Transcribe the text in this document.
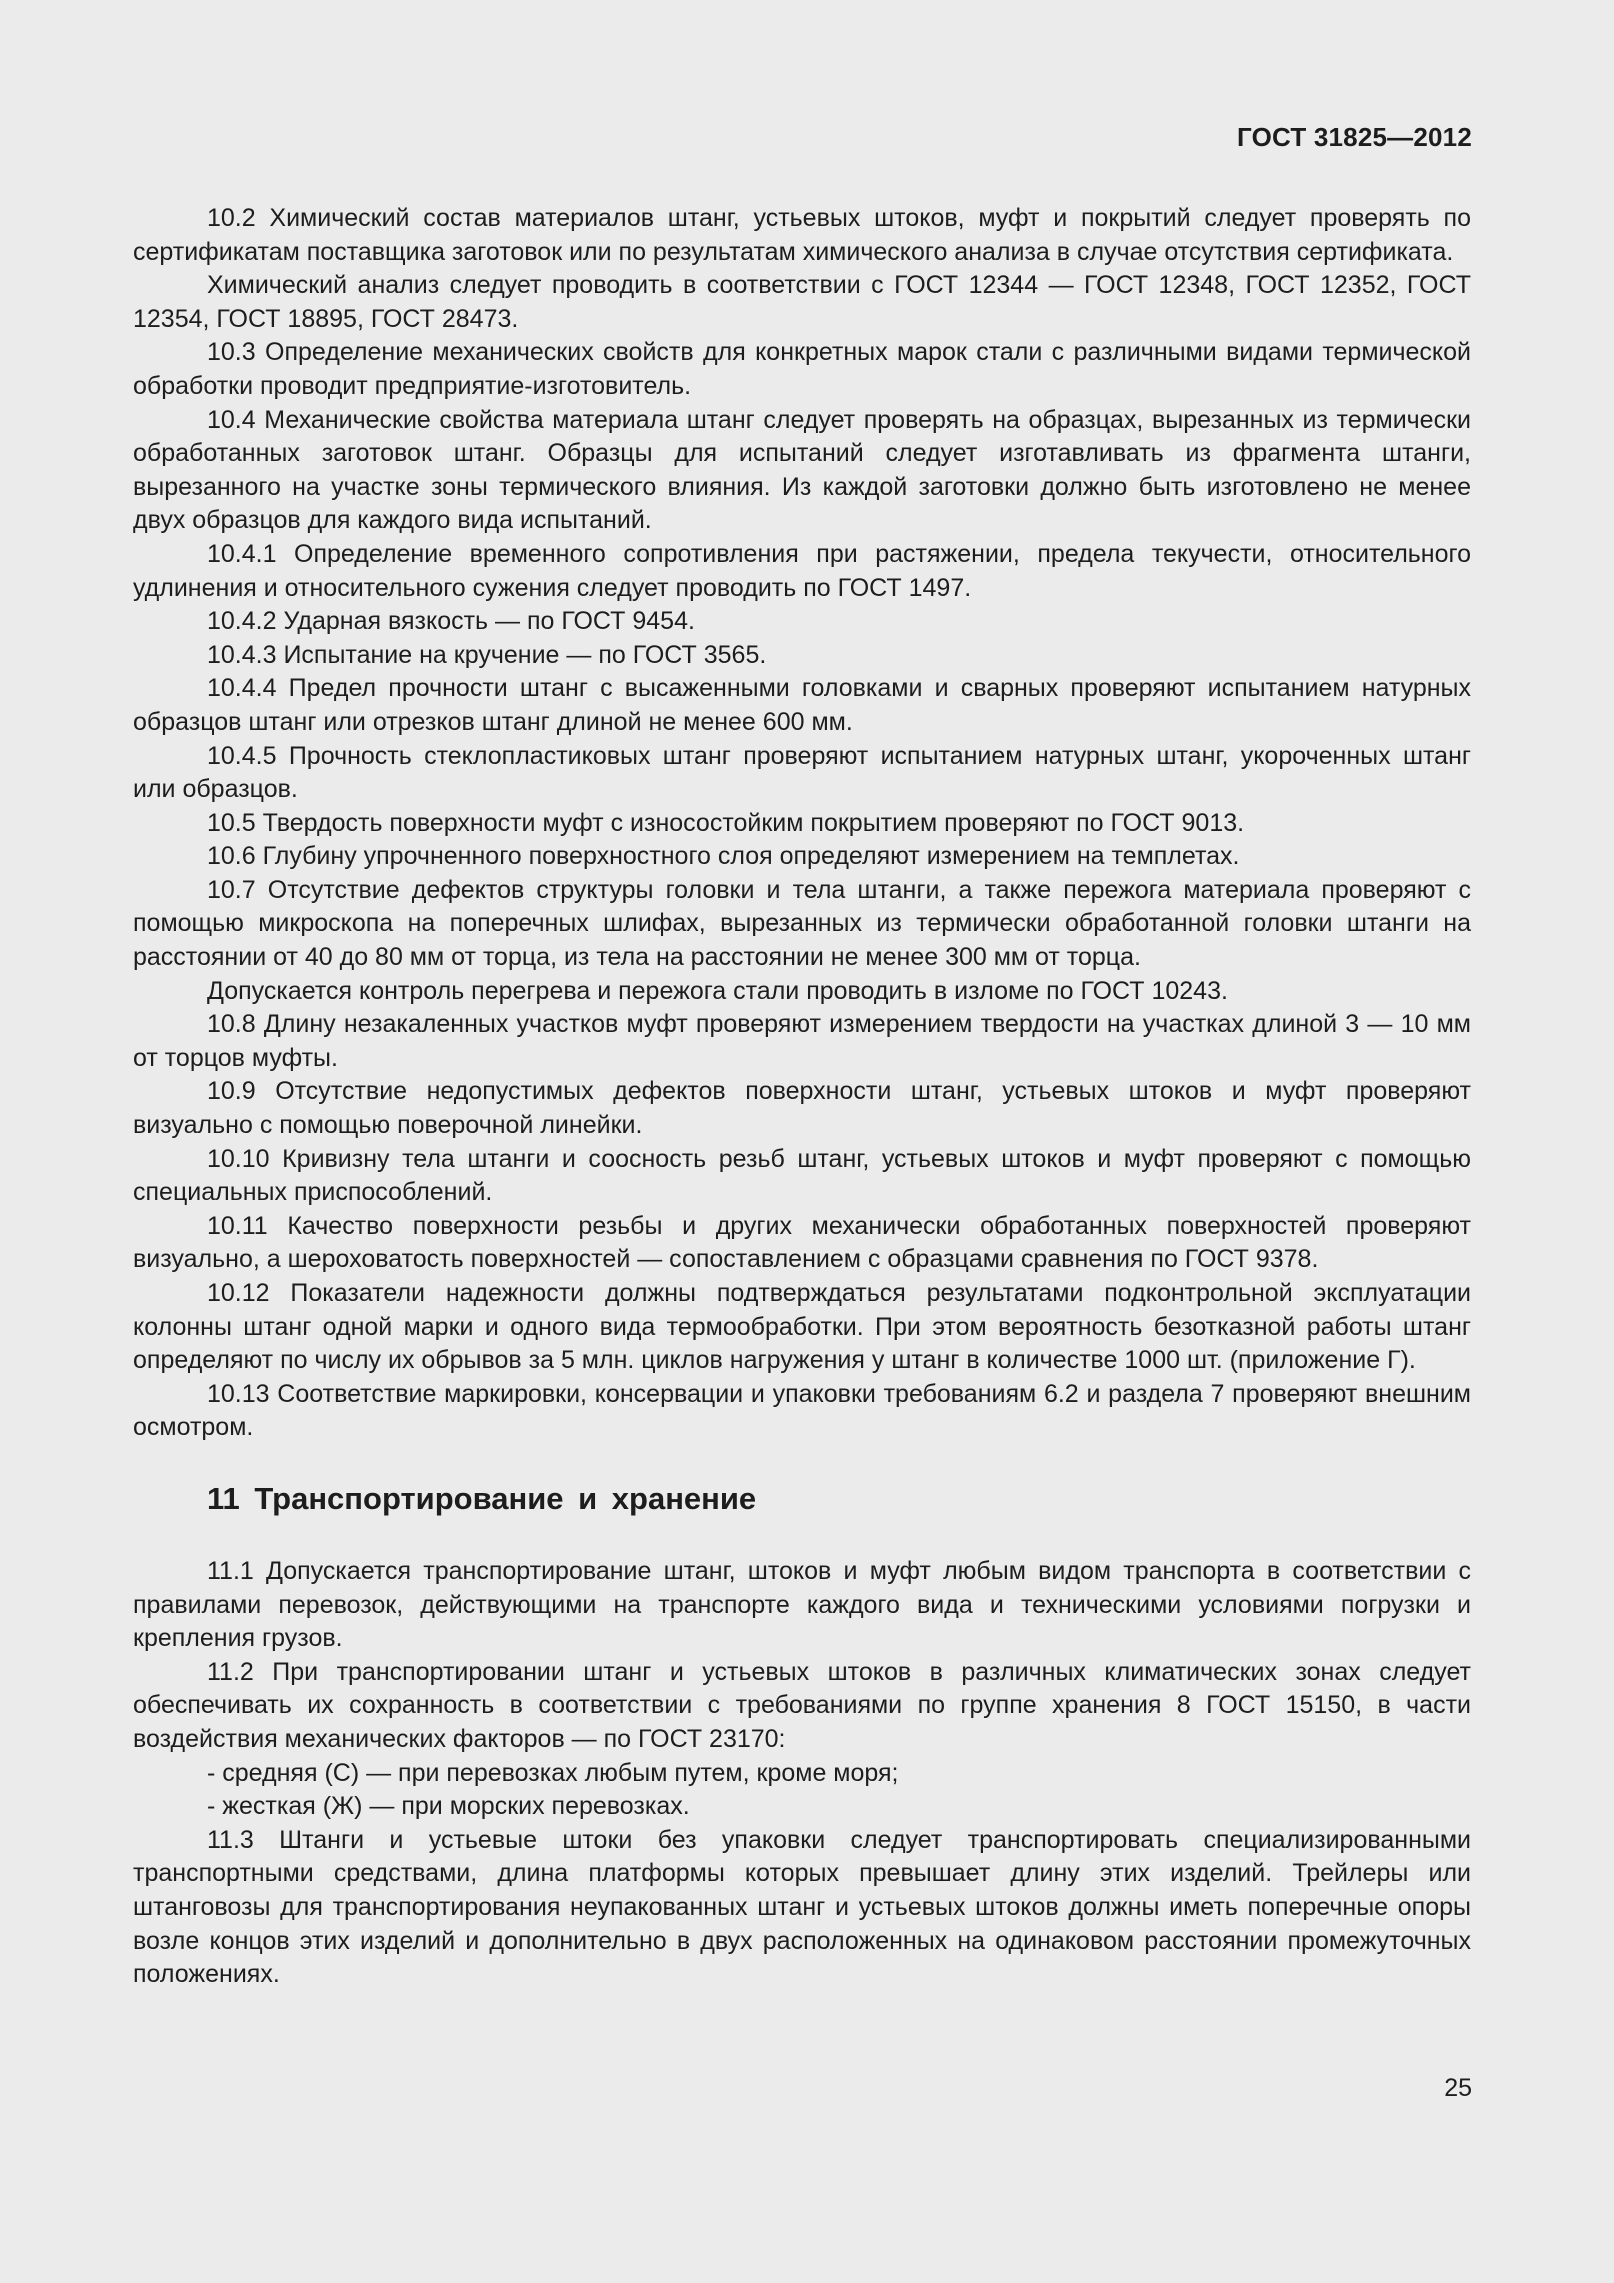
ГОСТ 31825—2012

10.2 Химический состав материалов штанг, устьевых штоков, муфт и покрытий следует проверять по сертификатам поставщика заготовок или по результатам химического анализа в случае отсутствия сертификата.

Химический анализ следует проводить в соответствии с ГОСТ 12344 — ГОСТ 12348, ГОСТ 12352, ГОСТ 12354, ГОСТ 18895, ГОСТ 28473.

10.3 Определение механических свойств для конкретных марок стали с различными видами термической обработки проводит предприятие-изготовитель.

10.4 Механические свойства материала штанг следует проверять на образцах, вырезанных из термически обработанных заготовок штанг. Образцы для испытаний следует изготавливать из фрагмента штанги, вырезанного на участке зоны термического влияния. Из каждой заготовки должно быть изготовлено не менее двух образцов для каждого вида испытаний.

10.4.1 Определение временного сопротивления при растяжении, предела текучести, относительного удлинения и относительного сужения следует проводить по ГОСТ 1497.

10.4.2 Ударная вязкость — по ГОСТ 9454.

10.4.3 Испытание на кручение — по ГОСТ 3565.

10.4.4 Предел прочности штанг с высаженными головками и сварных проверяют испытанием натурных образцов штанг или отрезков штанг длиной не менее 600 мм.

10.4.5 Прочность стеклопластиковых штанг проверяют испытанием натурных штанг, укороченных штанг или образцов.

10.5 Твердость поверхности муфт с износостойким покрытием проверяют по ГОСТ 9013.

10.6 Глубину упрочненного поверхностного слоя определяют измерением на темплетах.

10.7 Отсутствие дефектов структуры головки и тела штанги, а также пережога материала проверяют с помощью микроскопа на поперечных шлифах, вырезанных из термически обработанной головки штанги на расстоянии от 40 до 80 мм от торца, из тела на расстоянии не менее 300 мм от торца.

Допускается контроль перегрева и пережога стали проводить в изломе по ГОСТ 10243.

10.8 Длину незакаленных участков муфт проверяют измерением твердости на участках длиной 3 — 10 мм от торцов муфты.

10.9 Отсутствие недопустимых дефектов поверхности штанг, устьевых штоков и муфт проверяют визуально с помощью поверочной линейки.

10.10 Кривизну тела штанги и соосность резьб штанг, устьевых штоков и муфт проверяют с помощью специальных приспособлений.

10.11 Качество поверхности резьбы и других механически обработанных поверхностей проверяют визуально, а шероховатость поверхностей — сопоставлением с образцами сравнения по ГОСТ 9378.

10.12 Показатели надежности должны подтверждаться результатами подконтрольной эксплуатации колонны штанг одной марки и одного вида термообработки. При этом вероятность безотказной работы штанг определяют по числу их обрывов за 5 млн. циклов нагружения у штанг в количестве 1000 шт. (приложение Г).

10.13 Соответствие маркировки, консервации и упаковки требованиям 6.2 и раздела 7 проверяют внешним осмотром.

11 Транспортирование и хранение

11.1 Допускается транспортирование штанг, штоков и муфт любым видом транспорта в соответствии с правилами перевозок, действующими на транспорте каждого вида и техническими условиями погрузки и крепления грузов.

11.2 При транспортировании штанг и устьевых штоков в различных климатических зонах следует обеспечивать их сохранность в соответствии с требованиями по группе хранения 8 ГОСТ 15150, в части воздействия механических факторов — по ГОСТ 23170:

- средняя (С) — при перевозках любым путем, кроме моря;

- жесткая (Ж) — при морских перевозках.

11.3 Штанги и устьевые штоки без упаковки следует транспортировать специализированными транспортными средствами, длина платформы которых превышает длину этих изделий. Трейлеры или штанговозы для транспортирования неупакованных штанг и устьевых штоков должны иметь поперечные опоры возле концов этих изделий и дополнительно в двух расположенных на одинаковом расстоянии промежуточных положениях.

25
